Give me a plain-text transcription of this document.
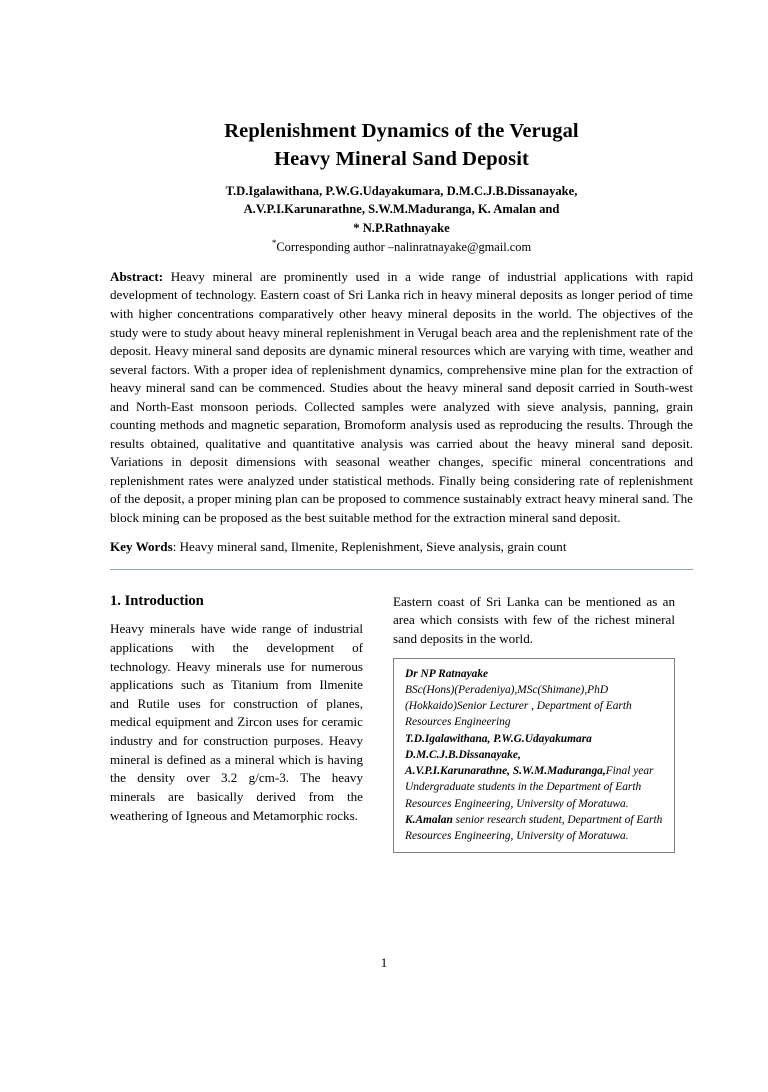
Replenishment Dynamics of the Verugal
Heavy Mineral Sand Deposit
T.D.Igalawithana, P.W.G.Udayakumara, D.M.C.J.B.Dissanayake,
A.V.P.I.Karunarathne, S.W.M.Maduranga, K. Amalan and
* N.P.Rathnayake
*Corresponding author –nalinratnayake@gmail.com
Abstract: Heavy mineral are prominently used in a wide range of industrial applications with rapid development of technology. Eastern coast of Sri Lanka rich in heavy mineral deposits as longer period of time with higher concentrations comparatively other heavy mineral deposits in the world. The objectives of the study were to study about heavy mineral replenishment in Verugal beach area and the replenishment rate of the deposit. Heavy mineral sand deposits are dynamic mineral resources which are varying with time, weather and several factors. With a proper idea of replenishment dynamics, comprehensive mine plan for the extraction of heavy mineral sand can be commenced. Studies about the heavy mineral sand deposit carried in South-west and North-East monsoon periods. Collected samples were analyzed with sieve analysis, panning, grain counting methods and magnetic separation, Bromoform analysis used as reproducing the results. Through the results obtained, qualitative and quantitative analysis was carried about the heavy mineral sand deposit. Variations in deposit dimensions with seasonal weather changes, specific mineral concentrations and replenishment rates were analyzed under statistical methods. Finally being considering rate of replenishment of the deposit, a proper mining plan can be proposed to commence sustainably extract heavy mineral sand. The block mining can be proposed as the best suitable method for the extraction mineral sand deposit.
Key Words: Heavy mineral sand, Ilmenite, Replenishment, Sieve analysis, grain count
1. Introduction

Heavy minerals have wide range of industrial applications with the development of technology. Heavy minerals use for numerous applications such as Titanium from Ilmenite and Rutile uses for construction of planes, medical equipment and Zircon uses for ceramic industry and for construction purposes. Heavy mineral is defined as a mineral which is having the density over 3.2 g/cm-3. The heavy minerals are basically derived from the weathering of Igneous and Metamorphic rocks.

Eastern coast of Sri Lanka can be mentioned as an area which consists with few of the richest mineral sand deposits in the world.

Dr NP Ratnayake
BSc(Hons)(Peradeniya),MSc(Shimane),PhD (Hokkaido)Senior Lecturer , Department of Earth Resources Engineering

T.D.Igalawithana, P.W.G.Udayakumara D.M.C.J.B.Dissanayake,

A.V.P.I.Karunarathne, S.W.M.Maduranga,Final year Undergraduate students in the Department of Earth Resources Engineering, University of Moratuwa. K.Amalan senior research student, Department of Earth Resources Engineering, University of Moratuwa.

1
